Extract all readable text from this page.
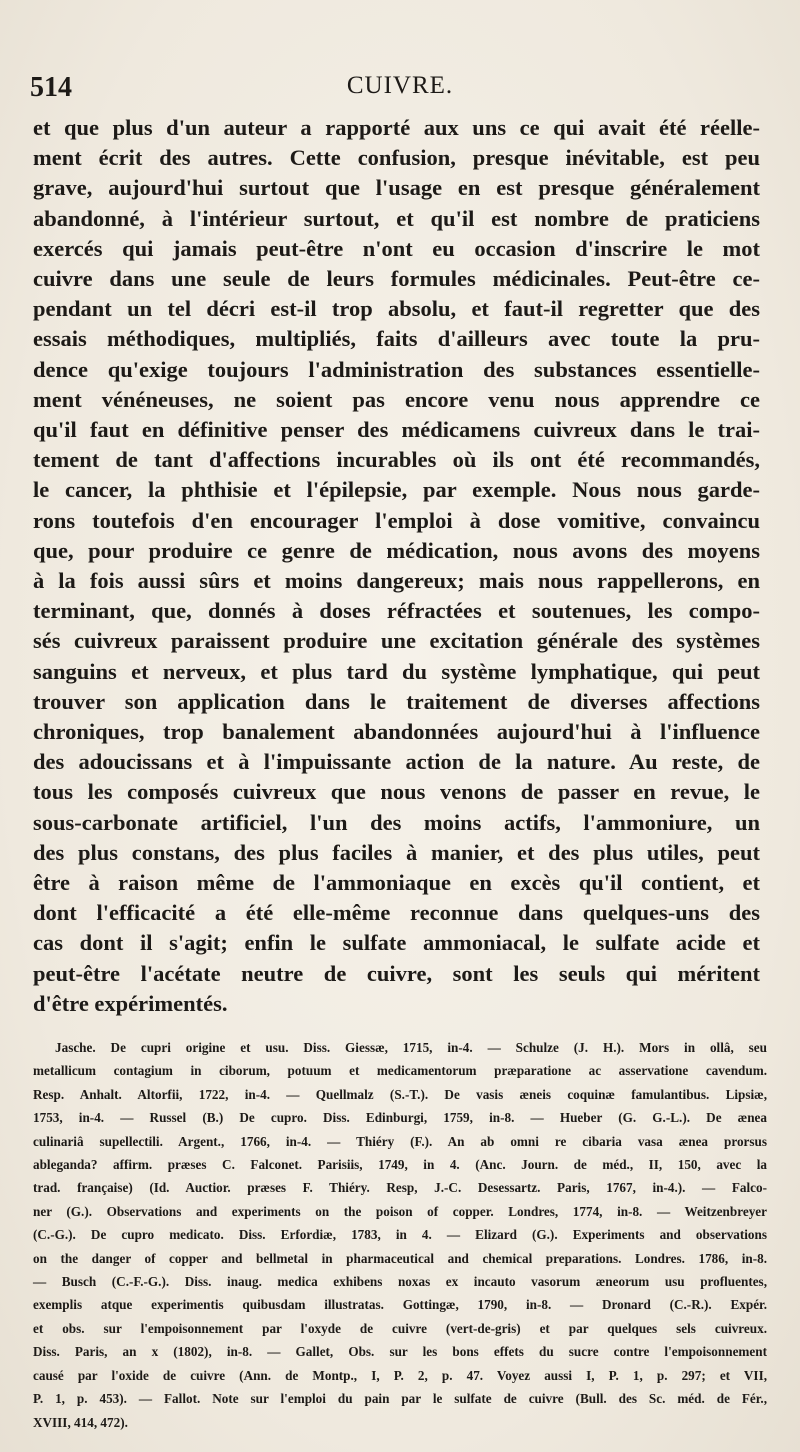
514	CUIVRE.
et que plus d'un auteur a rapporté aux uns ce qui avait été réelle-
ment écrit des autres. Cette confusion, presque inévitable, est peu
grave, aujourd'hui surtout que l'usage en est presque généralement
abandonné, à l'intérieur surtout, et qu'il est nombre de praticiens
exercés qui jamais peut-être n'ont eu occasion d'inscrire le mot
cuivre dans une seule de leurs formules médicinales. Peut-être ce-
pendant un tel décri est-il trop absolu, et faut-il regretter que des
essais méthodiques, multipliés, faits d'ailleurs avec toute la pru-
dence qu'exige toujours l'administration des substances essentielle-
ment vénéneuses, ne soient pas encore venu nous apprendre ce
qu'il faut en définitive penser des médicamens cuivreux dans le trai-
tement de tant d'affections incurables où ils ont été recommandés,
le cancer, la phthisie et l'épilepsie, par exemple. Nous nous garde-
rons toutefois d'en encourager l'emploi à dose vomitive, convaincu
que, pour produire ce genre de médication, nous avons des moyens
à la fois aussi sûrs et moins dangereux; mais nous rappellerons, en
terminant, que, donnés à doses réfractées et soutenues, les compo-
sés cuivreux paraissent produire une excitation générale des systèmes
sanguins et nerveux, et plus tard du système lymphatique, qui peut
trouver son application dans le traitement de diverses affections
chroniques, trop banalement abandonnées aujourd'hui à l'influence
des adoucissans et à l'impuissante action de la nature. Au reste, de
tous les composés cuivreux que nous venons de passer en revue, le
sous-carbonate artificiel, l'un des moins actifs, l'ammoniure, un
des plus constans, des plus faciles à manier, et des plus utiles, peut
être à raison même de l'ammoniaque en excès qu'il contient, et
dont l'efficacité a été elle-même reconnue dans quelques-uns des
cas dont il s'agit; enfin le sulfate ammoniacal, le sulfate acide et
peut-être l'acétate neutre de cuivre, sont les seuls qui méritent
d'être expérimentés.
Jasche. De cupri origine et usu. Diss. Giessæ, 1715, in-4. — Schulze (J. H.). Mors in ollâ, seu
metallicum contagium in ciborum, potuum et medicamentorum præparatione ac asservatione cavendum.
Resp. Anhalt. Altorfii, 1722, in-4. — Quellmalz (S.-T.). De vasis æneis coquinæ famulantibus. Lipsiæ,
1753, in-4. — Russel (B.) De cupro. Diss. Edinburgi, 1759, in-8. — Hueber (G. G.-L.). De ænea
culinariâ supellectili. Argent., 1766, in-4. — Thiéry (F.). An ab omni re cibaria vasa ænea prorsus
ableganda? affirm. præses C. Falconet. Parisiis, 1749, in 4. (Anc. Journ. de méd., II, 150, avec la
trad. française) (Id. Auctior. præses F. Thiéry. Resp, J.-C. Desessartz. Paris, 1767, in-4.). — Falco-
ner (G.). Observations and experiments on the poison of copper. Londres, 1774, in-8. — Weitzenbreyer
(C.-G.). De cupro medicato. Diss. Erfordiæ, 1783, in 4. — Elizard (G.). Experiments and observations
on the danger of copper and bellmetal in pharmaceutical and chemical preparations. Londres. 1786, in-8.
— Busch (C.-F.-G.). Diss. inaug. medica exhibens noxas ex incauto vasorum æneorum usu profluentes,
exemplis atque experimentis quibusdam illustratas. Gottingæ, 1790, in-8. — Dronard (C.-R.). Expér.
et obs. sur l'empoisonnement par l'oxyde de cuivre (vert-de-gris) et par quelques sels cuivreux.
Diss. Paris, an x (1802), in-8. — Gallet, Obs. sur les bons effets du sucre contre l'empoisonnement
causé par l'oxide de cuivre (Ann. de Montp., I, P. 2, p. 47. Voyez aussi I, P. 1, p. 297; et VII,
P. 1, p. 453). — Fallot. Note sur l'emploi du pain par le sulfate de cuivre (Bull. des Sc. méd. de Fér.,
XVIII, 414, 472).
